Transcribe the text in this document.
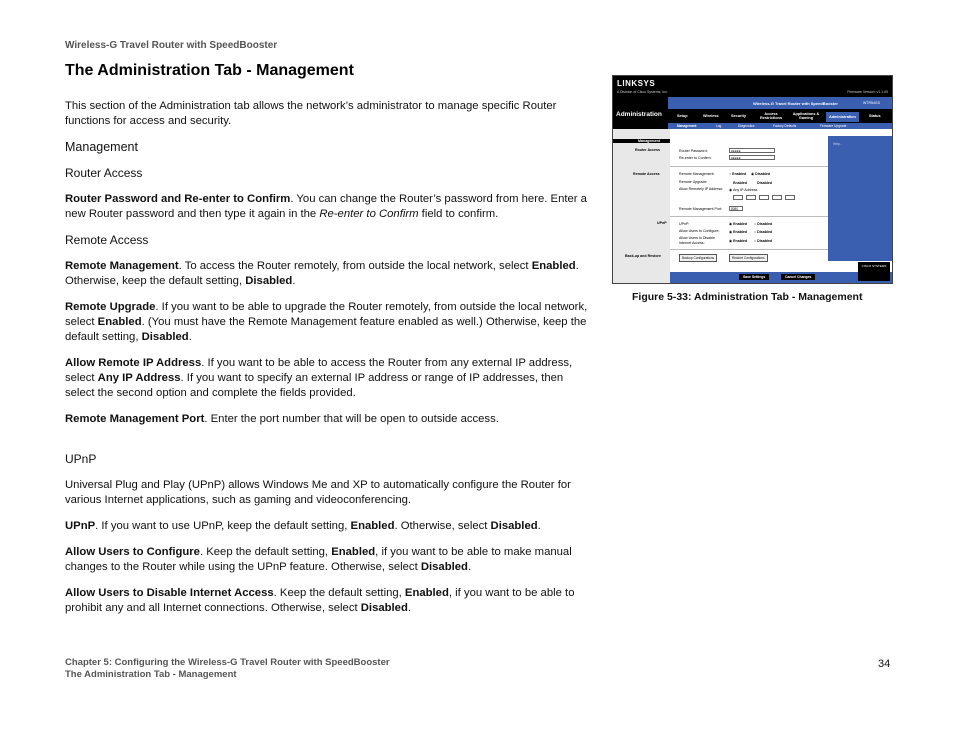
Wireless-G Travel Router with SpeedBooster
The Administration Tab - Management

This section of the Administration tab allows the network’s administrator to manage specific Router functions for access and security.

Management
Router Access

Router Password and Re-enter to Confirm. You can change the Router’s password from here. Enter a new Router password and then type it again in the Re-enter to Confirm field to confirm.

Remote Access

Remote Management. To access the Router remotely, from outside the local network, select Enabled. Otherwise, keep the default setting, Disabled.

Remote Upgrade. If you want to be able to upgrade the Router remotely, from outside the local network, select Enabled. (You must have the Remote Management feature enabled as well.) Otherwise, keep the default setting, Disabled.

Allow Remote IP Address. If you want to be able to access the Router from any external IP address, select Any IP Address. If you want to specify an external IP address or range of IP addresses, then select the second option and complete the fields provided.

Remote Management Port. Enter the port number that will be open to outside access.

UPnP

Universal Plug and Play (UPnP) allows Windows Me and XP to automatically configure the Router for various Internet applications, such as gaming and videoconferencing.

UPnP. If you want to use UPnP, keep the default setting, Enabled. Otherwise, select Disabled.

Allow Users to Configure. Keep the default setting, Enabled, if you want to be able to make manual changes to the Router while using the UPnP feature. Otherwise, select Disabled.

Allow Users to Disable Internet Access. Keep the default setting, Enabled, if you want to be able to prohibit any and all Internet connections. Otherwise, select Disabled.

LINKSYS
A Division of Cisco Systems, Inc.	Firmware Version: v1.1.00
Administration
Wireless-G Travel Router with SpeedBooster	WTR54GS
Setup	Wireless	Security	Access Restrictions
Applications & Gaming	Administration	Status
Management	Log	Diagnostics	Factory Defaults	Firmware Upgrade
Management
Router Access
Remote Access
UPnP
Back-up and Restore
Help...
Router Password:	●●●●●
Re-enter to Confirm:	●●●●●
Remote Management:	○ Enabled ◉ Disabled
Remote Upgrade:	Enabled	Disabled
Allow Remotely IP Address: ◉ Any IP Address
Remote Management Port:	8080
UPnP:	◉ Enabled ○ Disabled
Allow Users to Configure:	◉ Enabled ○ Disabled
Allow Users to Disable Internet Access:	◉ Enabled ○ Disabled
Backup Configurations	Restore Configurations
Save Settings	Cancel Changes
CISCO SYSTEMS
Figure 5-33: Administration Tab - Management
Chapter 5: Configuring the Wireless-G Travel Router with SpeedBooster
The Administration Tab - Management
34
